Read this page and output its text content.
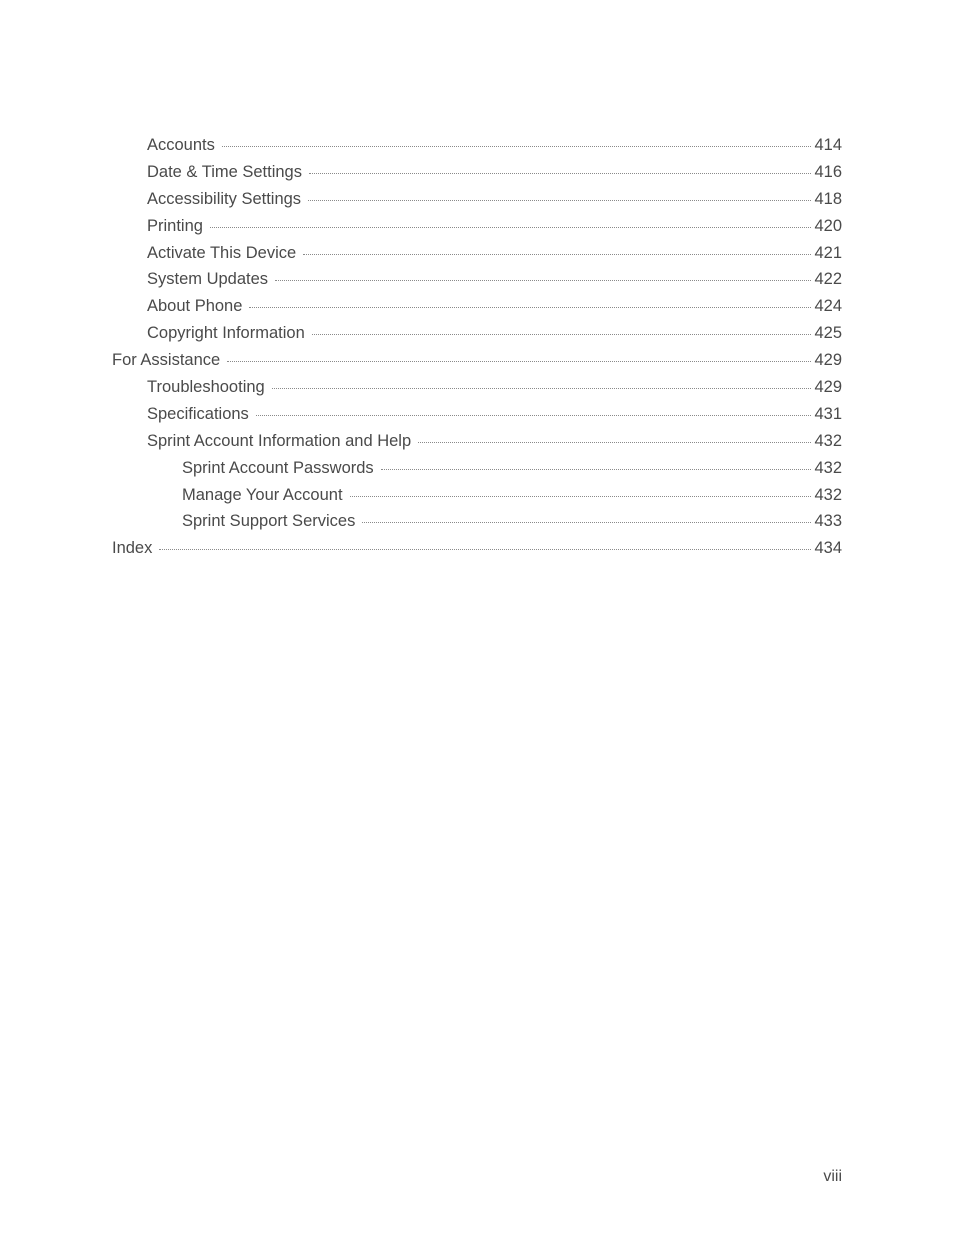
Accounts	414
Date & Time Settings	416
Accessibility Settings	418
Printing	420
Activate This Device	421
System Updates	422
About Phone	424
Copyright Information	425
For Assistance	429
Troubleshooting	429
Specifications	431
Sprint Account Information and Help	432
Sprint Account Passwords	432
Manage Your Account	432
Sprint Support Services	433
Index	434
viii
